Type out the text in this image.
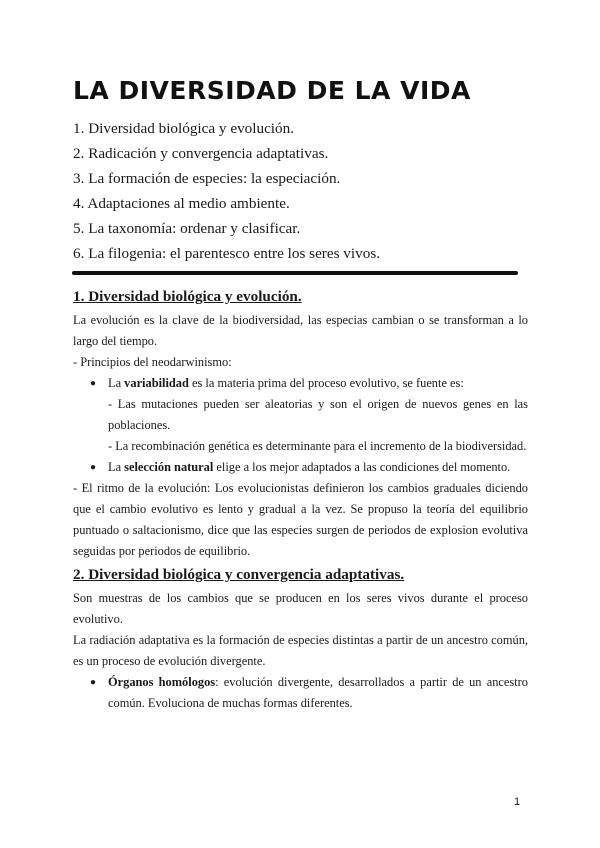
LA DIVERSIDAD DE LA VIDA
1. Diversidad biológica y evolución.
2. Radicación y convergencia adaptativas.
3. La formación de especies: la especiación.
4. Adaptaciones al medio ambiente.
5. La taxonomía: ordenar y clasificar.
6. La filogenia: el parentesco entre los seres vivos.
1. Diversidad biológica y evolución.

La evolución es la clave de la biodiversidad, las especias cambian o se transforman a lo largo del tiempo.

- Principios del neodarwinismo:

● La variabilidad es la materia prima del proceso evolutivo, se fuente es:

- Las mutaciones pueden ser aleatorias y son el origen de nuevos genes en las poblaciones.

- La recombinación genética es determinante para el incremento de la biodiversidad.

● La selección natural elige a los mejor adaptados a las condiciones del momento.

- El ritmo de la evolución: Los evolucionistas definieron los cambios graduales diciendo que el cambio evolutivo es lento y gradual a la vez. Se propuso la teoría del equilibrio puntuado o saltacionismo, dice que las especies surgen de periodos de explosion evolutiva seguidas por periodos de equilibrio.

2. Diversidad biológica y convergencia adaptativas.

Son muestras de los cambios que se producen en los seres vivos durante el proceso evolutivo.

La radiación adaptativa es la formación de especies distintas a partir de un ancestro común, es un proceso de evolución divergente.

● Órganos homólogos: evolución divergente, desarrollados a partir de un ancestro común. Evoluciona de muchas formas diferentes.

1
